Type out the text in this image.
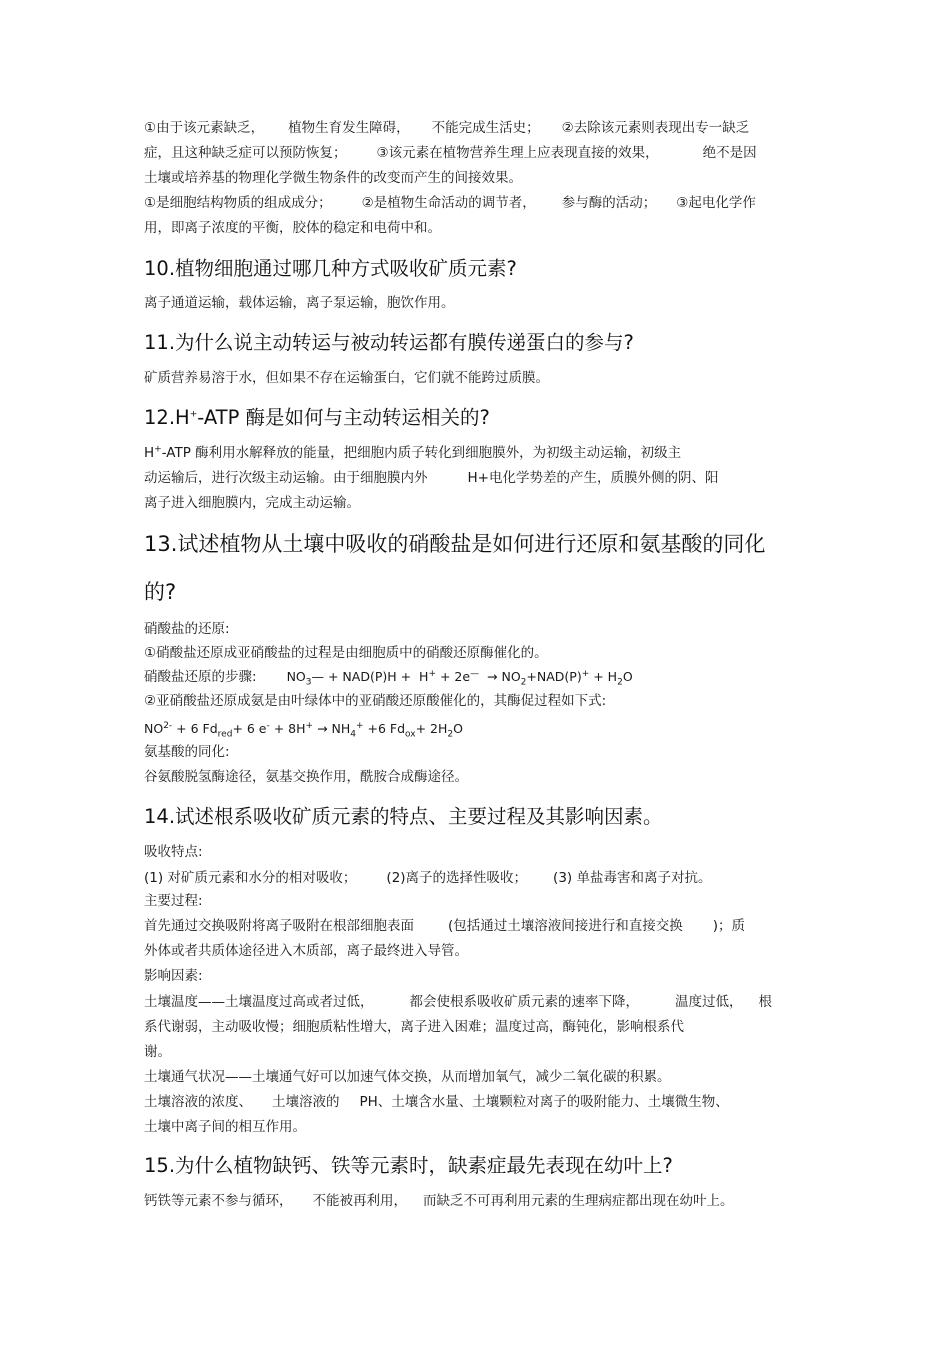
①由于该元素缺乏， 植物生育发生障碍， 不能完成生活史； ②去除该元素则表现出专一缺乏
症，且这种缺乏症可以预防恢复； ③该元素在植物营养生理上应表现直接的效果，	绝不是因
土壤或培养基的物理化学微生物条件的改变而产生的间接效果。
①是细胞结构物质的组成成分； ②是植物生命活动的调节者， 参与酶的活动； ③起电化学作
用，即离子浓度的平衡，胶体的稳定和电荷中和。
10.植物细胞通过哪几种方式吸收矿质元素?
离子通道运输，载体运输，离子泵运输，胞饮作用。
11.为什么说主动转运与被动转运都有膜传递蛋白的参与?
矿质营养易溶于水，但如果不存在运输蛋白，它们就不能跨过质膜。
12.H+-ATP 酶是如何与主动转运相关的?
H+-ATP 酶利用水解释放的能量，把细胞内质子转化到细胞膜外，为初级主动运输，初级主
动运输后，进行次级主动运输。由于细胞膜内外	H+电化学势差的产生，质膜外侧的阴、阳
离子进入细胞膜内，完成主动运输。
13.试述植物从土壤中吸收的硝酸盐是如何进行还原和氨基酸的同化
的?
硝酸盐的还原:
①硝酸盐还原成亚硝酸盐的过程是由细胞质中的硝酸还原酶催化的。
硝酸盐还原的步骤: $NO_3— + NAD(P)H + H^+ + 2e^— \to NO_2+NAD(P)^+ + H_2O$
②亚硝酸盐还原成氨是由叶绿体中的亚硝酸还原酸催化的，其酶促过程如下式:
$NO^{2-} + 6$ $Fd_{red}+ 6$ $e^- + 8H^+ \to NH_4^+ +6$ $Fd_{ox}+ 2H_2O$
氨基酸的同化:
谷氨酸脱氢酶途径，氨基交换作用，酰胺合成酶途径。
14.试述根系吸收矿质元素的特点、主要过程及其影响因素。
吸收特点:
(1) 对矿质元素和水分的相对吸收； (2)离子的选择性吸收； (3) 单盐毒害和离子对抗。
主要过程:
首先通过交换吸附将离子吸附在根部细胞表面	(包括通过土壤溶液间接进行和直接交换 )；质
外体或者共质体途径进入木质部，离子最终进入导管。
影响因素:
土壤温度——土壤温度过高或者过低，	都会使根系吸收矿质元素的速率下降，	温度过低， 根
系代谢弱，主动吸收慢；细胞质粘性增大，离子进入困难；温度过高，酶钝化，影响根系代
谢。
土壤通气状况——土壤通气好可以加速气体交换，从而增加氧气，减少二氧化碳的积累。
土壤溶液的浓度、 土壤溶液的 PH、土壤含水量、土壤颗粒对离子的吸附能力、土壤微生物、
土壤中离子间的相互作用。
15.为什么植物缺钙、铁等元素时，缺素症最先表现在幼叶上?
钙铁等元素不参与循环， 不能被再利用， 而缺乏不可再利用元素的生理病症都出现在幼叶上。
